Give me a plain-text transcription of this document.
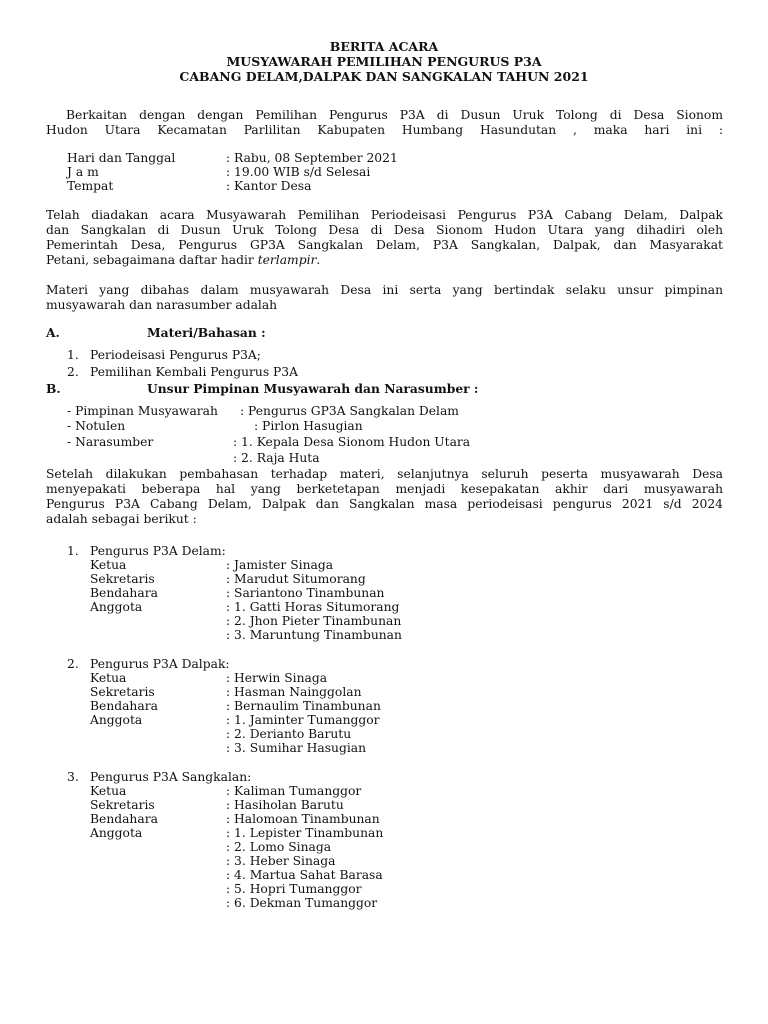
BERITA ACARA
MUSYAWARAH PEMILIHAN PENGURUS P3A
CABANG DELAM,DALPAK DAN SANGKALAN TAHUN 2021
Berkaitan dengan dengan Pemilihan Pengurus P3A di Dusun Uruk Tolong di Desa Sionom
Hudon Utara Kecamatan Parlilitan Kabupaten Humbang Hasundutan , maka hari ini :
Hari dan Tanggal	: Rabu, 08 September 2021
J a m	: 19.00 WIB s/d Selesai
Tempat	: Kantor Desa
Telah diadakan acara Musyawarah Pemilihan Periodeisasi Pengurus P3A Cabang Delam, Dalpak
dan Sangkalan di Dusun Uruk Tolong Desa di Desa Sionom Hudon Utara yang dihadiri oleh
Pemerintah Desa, Pengurus GP3A Sangkalan Delam, P3A Sangkalan, Dalpak, dan Masyarakat
Petani, sebagaimana daftar hadir terlampir.
Materi yang dibahas dalam musyawarah Desa ini serta yang bertindak selaku unsur pimpinan
musyawarah dan narasumber adalah
A.	Materi/Bahasan :
1. Periodeisasi Pengurus P3A;
2. Pemilihan Kembali Pengurus P3A
B.	Unsur Pimpinan Musyawarah dan Narasumber :
- Pimpinan Musyawarah : Pengurus GP3A Sangkalan Delam
- Notulen	: Pirlon Hasugian
- Narasumber	: 1. Kepala Desa Sionom Hudon Utara
: 2. Raja Huta
Setelah dilakukan pembahasan terhadap materi, selanjutnya seluruh peserta musyawarah Desa
menyepakati beberapa hal yang berketetapan menjadi kesepakatan akhir dari musyawarah
Pengurus P3A Cabang Delam, Dalpak dan Sangkalan masa periodeisasi pengurus 2021 s/d 2024
adalah sebagai berikut :
1. Pengurus P3A Delam:
Ketua	: Jamister Sinaga
Sekretaris	: Marudut Situmorang
Bendahara	: Sariantono Tinambunan
Anggota	: 1. Gatti Horas Situmorang
: 2. Jhon Pieter Tinambunan
: 3. Maruntung Tinambunan
2. Pengurus P3A Dalpak:
Ketua	: Herwin Sinaga
Sekretaris	: Hasman Nainggolan
Bendahara	: Bernaulim Tinambunan
Anggota	: 1. Jaminter Tumanggor
: 2. Derianto Barutu
: 3. Sumihar Hasugian
3. Pengurus P3A Sangkalan:
Ketua	: Kaliman Tumanggor
Sekretaris	: Hasiholan Barutu
Bendahara	: Halomoan Tinambunan
Anggota	: 1. Lepister Tinambunan
: 2. Lomo Sinaga
: 3. Heber Sinaga
: 4. Martua Sahat Barasa
: 5. Hopri Tumanggor
: 6. Dekman Tumanggor
